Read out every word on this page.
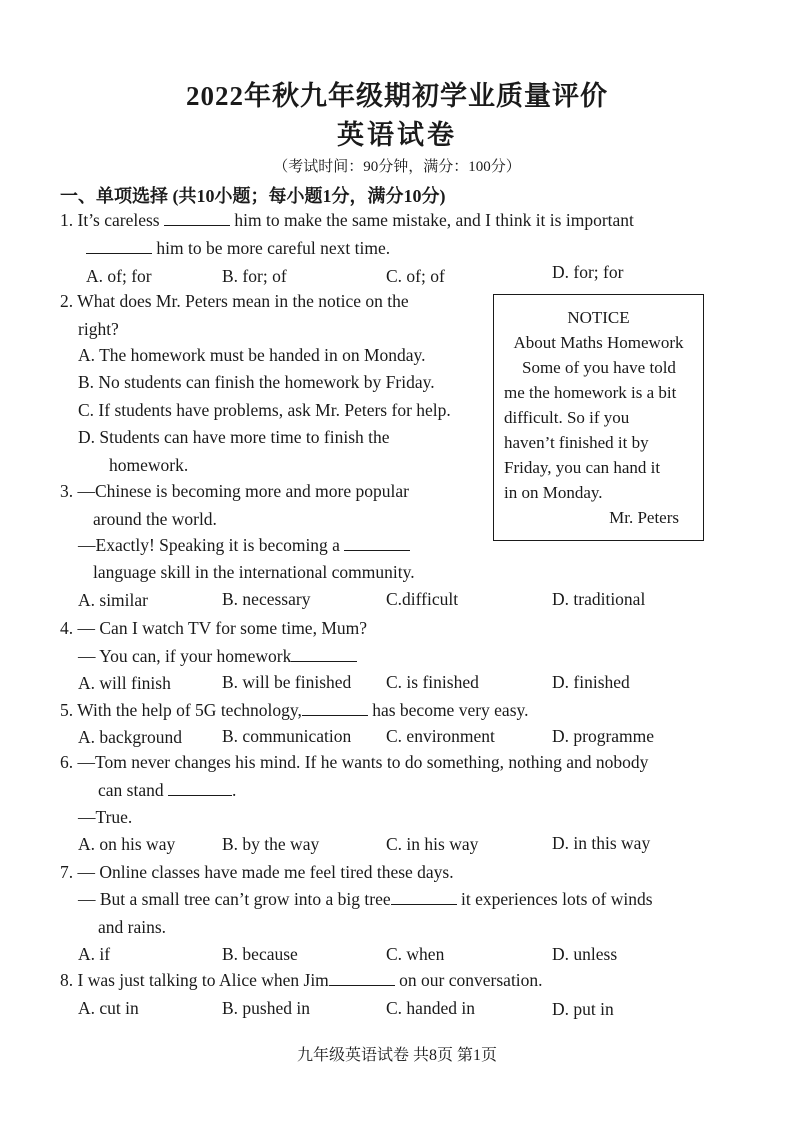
2022年秋九年级期初学业质量评价
英语试卷
（考试时间：90分钟，满分：100分）
一、单项选择 (共10小题；每小题1分，满分10分)
1. It’s careless	him to make the same mistake, and I think it is important
him to be more careful next time.
A. of; for	B. for; of	C. of; of	D. for; for
2. What does Mr. Peters mean in the notice on the
right?
A. The homework must be handed in on Monday.
B. No students can finish the homework by Friday.
C. If students have problems, ask Mr. Peters for help.
D. Students can have more time to finish the
homework.
NOTICE
About Maths Homework
Some of you have told
me the homework is a bit
difficult. So if you
haven’t finished it by
Friday, you can hand it
in on Monday.
Mr. Peters
3. —Chinese is becoming more and more popular
around the world.
—Exactly! Speaking it is becoming a
language skill in the international community.
A. similar	B. necessary	C.difficult	D. traditional
4. — Can I watch TV for some time, Mum?
— You can, if your homework
A. will finish	B. will be finished C. is finished	D. finished
5. With the help of 5G technology,	has become very easy.
A. background B. communication C. environment	D. programme
6. —Tom never changes his mind. If he wants to do something, nothing and nobody
can stand	.
—True.
A. on his way	B. by the way	C. in his way	D. in this way
7. — Online classes have made me feel tired these days.
— But a small tree can’t grow into a big tree	it experiences lots of winds
and rains.
A. if	B. because	C. when	D. unless
8. I was just talking to Alice when Jim	on our conversation.
A. cut in	B. pushed in	C. handed in	D. put in
九年级英语试卷 共8页 第1页
